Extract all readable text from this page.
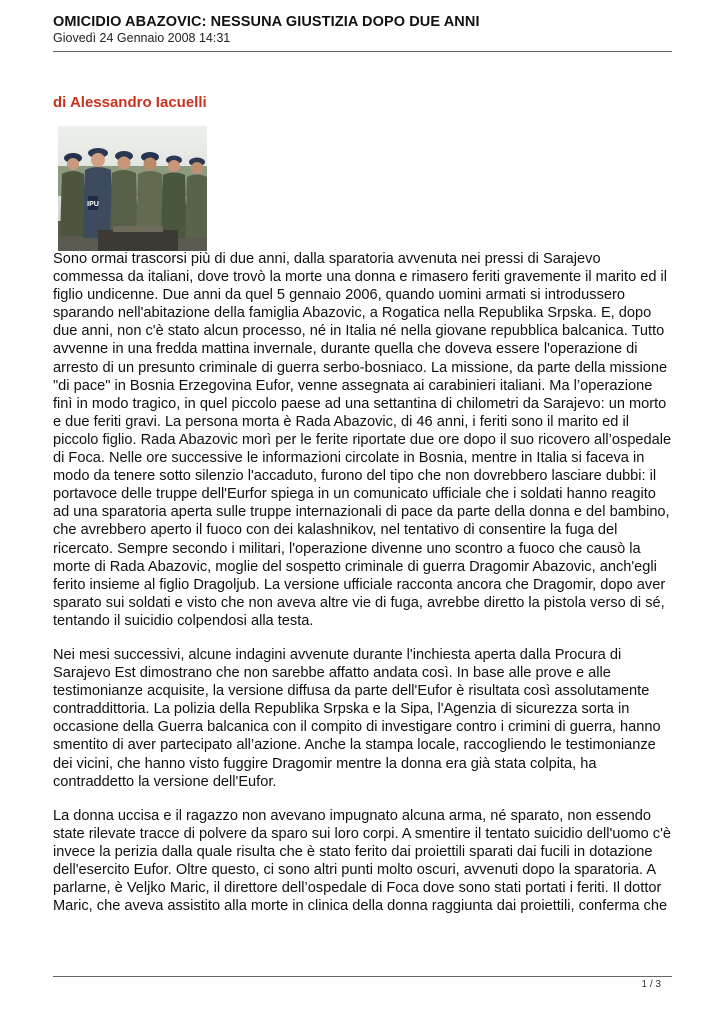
OMICIDIO ABAZOVIC: NESSUNA GIUSTIZIA DOPO DUE ANNI
Giovedì 24 Gennaio 2008 14:31
di Alessandro Iacuelli
IPU

Sono ormai trascorsi più di due anni, dalla sparatoria avvenuta nei pressi di Sarajevo commessa da italiani, dove trovò la morte una donna e rimasero feriti gravemente il marito ed il figlio undicenne. Due anni da quel 5 gennaio 2006, quando uomini armati si introdussero sparando nell'abitazione della famiglia Abazovic, a Rogatica nella Republika Srpska. E, dopo due anni, non c'è stato alcun processo, né in Italia né nella giovane repubblica balcanica. Tutto avvenne in una fredda mattina invernale, durante quella che doveva essere l'operazione di arresto di un presunto criminale di guerra serbo-bosniaco. La missione, da parte della missione "di pace" in Bosnia Erzegovina Eufor, venne assegnata ai carabinieri italiani. Ma l’operazione finì in modo tragico, in quel piccolo paese ad una settantina di chilometri da Sarajevo: un morto e due feriti gravi. La persona morta è Rada Abazovic, di 46 anni, i feriti sono il marito ed il piccolo figlio. Rada Abazovic morì per le ferite riportate due ore dopo il suo ricovero all’ospedale di Foca. Nelle ore successive le informazioni circolate in Bosnia, mentre in Italia si faceva in modo da tenere sotto silenzio l'accaduto, furono del tipo che non dovrebbero lasciare dubbi: il portavoce delle truppe dell'Eurfor spiega in un comunicato ufficiale che i soldati hanno reagito ad una sparatoria aperta sulle truppe internazionali di pace da parte della donna e del bambino, che avrebbero aperto il fuoco con dei kalashnikov, nel tentativo di consentire la fuga del ricercato. Sempre secondo i militari, l'operazione divenne uno scontro a fuoco che causò la morte di Rada Abazovic, moglie del sospetto criminale di guerra Dragomir Abazovic, anch'egli ferito insieme al figlio Dragoljub. La versione ufficiale racconta ancora che Dragomir, dopo aver sparato sui soldati e visto che non aveva altre vie di fuga, avrebbe diretto la pistola verso di sé, tentando il suicidio colpendosi alla testa.

Nei mesi successivi, alcune indagini avvenute durante l'inchiesta aperta dalla Procura di Sarajevo Est dimostrano che non sarebbe affatto andata così. In base alle prove e alle testimonianze acquisite, la versione diffusa da parte dell'Eufor è risultata così assolutamente contraddittoria. La polizia della Republika Srpska e la Sipa, l'Agenzia di sicurezza sorta in occasione della Guerra balcanica con il compito di investigare contro i crimini di guerra, hanno smentito di aver partecipato all’azione. Anche la stampa locale, raccogliendo le testimonianze dei vicini, che hanno visto fuggire Dragomir mentre la donna era già stata colpita, ha contraddetto la versione dell'Eufor.

La donna uccisa e il ragazzo non avevano impugnato alcuna arma, né sparato, non essendo state rilevate tracce di polvere da sparo sui loro corpi. A smentire il tentato suicidio dell'uomo c'è invece la perizia dalla quale risulta che è stato ferito dai proiettili sparati dai fucili in dotazione dell'esercito Eufor. Oltre questo, ci sono altri punti molto oscuri, avvenuti dopo la sparatoria. A parlarne, è Veljko Maric, il direttore dell’ospedale di Foca dove sono stati portati i feriti. Il dottor Maric, che aveva assistito alla morte in clinica della donna raggiunta dai proiettili, conferma che

1 / 3
